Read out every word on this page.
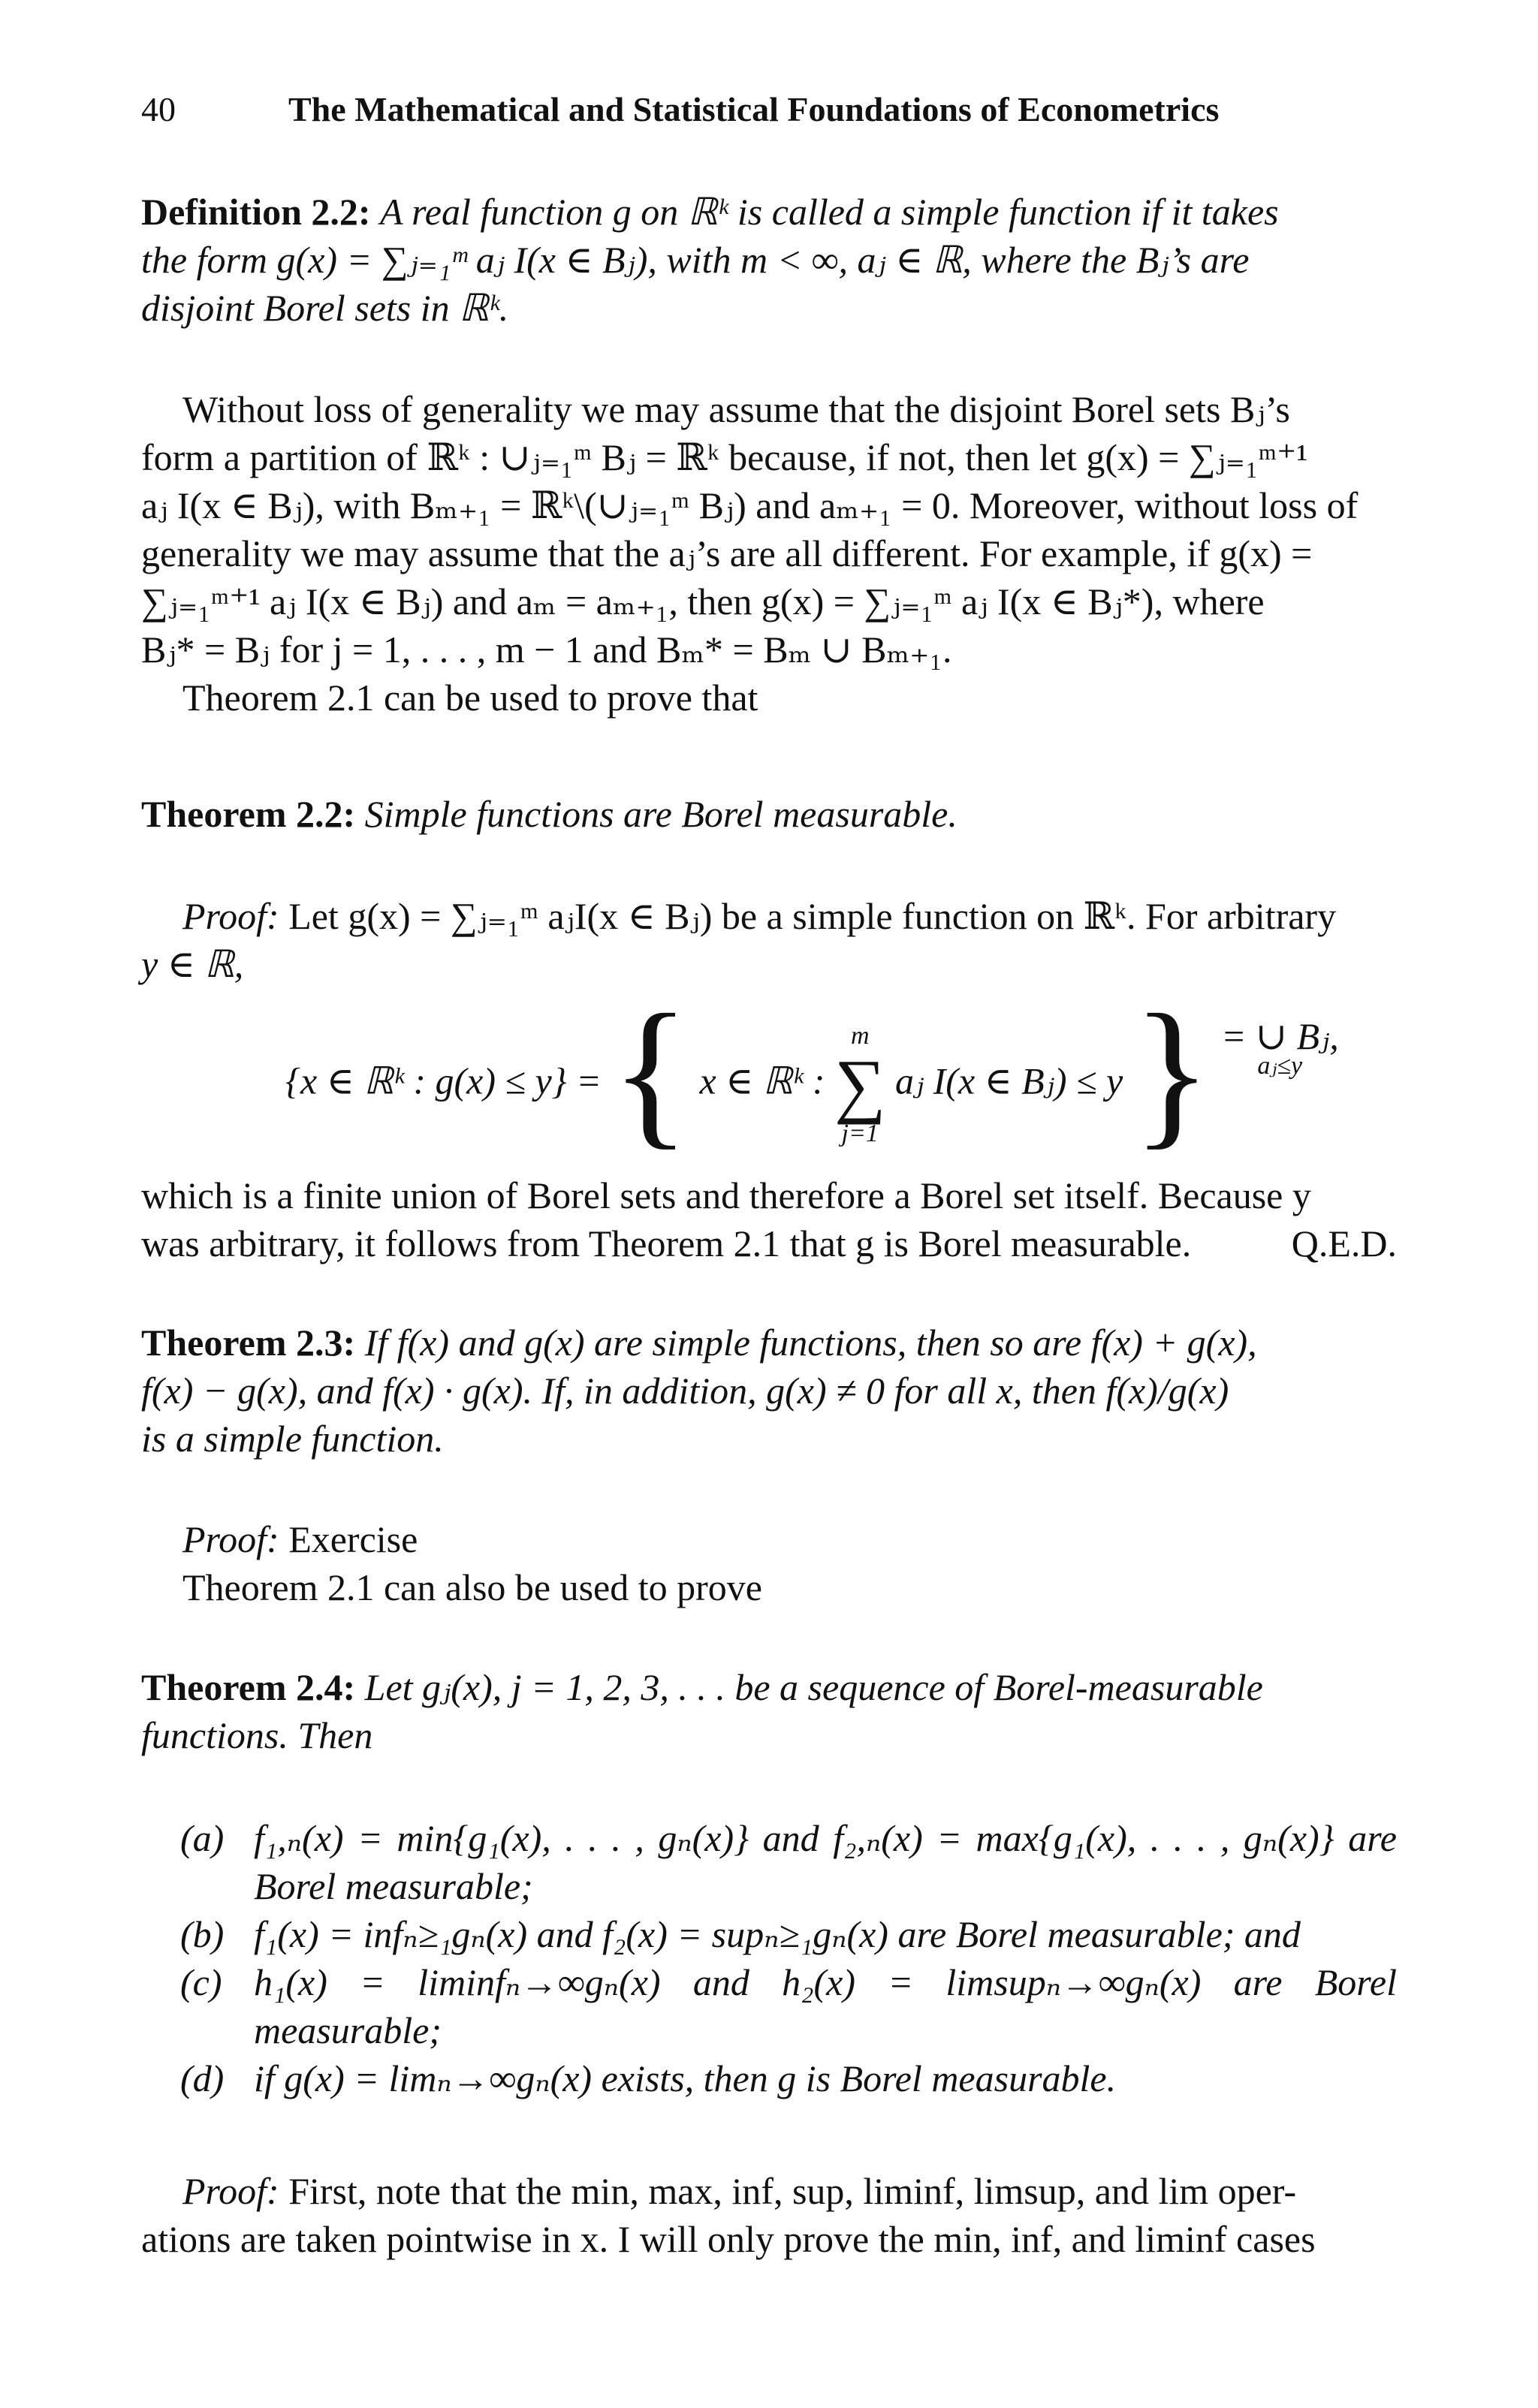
40	The Mathematical and Statistical Foundations of Econometrics

Definition 2.2: A real function g on ℝᵏ is called a simple function if it takes

the form g(x) = ∑ⱼ₌₁ᵐ aⱼ I(x ∈ Bⱼ), with m < ∞, aⱼ ∈ ℝ, where the Bⱼ’s are

disjoint Borel sets in ℝᵏ.

Without loss of generality we may assume that the disjoint Borel sets Bⱼ’s

form a partition of ℝᵏ : ∪ⱼ₌₁ᵐ Bⱼ = ℝᵏ because, if not, then let g(x) = ∑ⱼ₌₁ᵐ⁺¹

aⱼ I(x ∈ Bⱼ), with Bₘ₊₁ = ℝᵏ\(∪ⱼ₌₁ᵐ Bⱼ) and aₘ₊₁ = 0. Moreover, without loss of

generality we may assume that the aⱼ’s are all different. For example, if g(x) =

∑ⱼ₌₁ᵐ⁺¹ aⱼ I(x ∈ Bⱼ) and aₘ = aₘ₊₁, then g(x) = ∑ⱼ₌₁ᵐ aⱼ I(x ∈ Bⱼ*), where

Bⱼ* = Bⱼ for j = 1, . . . , m − 1 and Bₘ* = Bₘ ∪ Bₘ₊₁.

Theorem 2.1 can be used to prove that

Theorem 2.2: Simple functions are Borel measurable.

Proof: Let g(x) = ∑ⱼ₌₁ᵐ aⱼI(x ∈ Bⱼ) be a simple function on ℝᵏ. For arbitrary

y ∈ ℝ,

{x ∈ ℝᵏ : g(x) ≤ y} = { x ∈ ℝᵏ :
m
∑
j=1
aⱼ I(x ∈ Bⱼ) ≤ y } = ∪ Bⱼ,
aⱼ≤y

which is a finite union of Borel sets and therefore a Borel set itself. Because y

was arbitrary, it follows from Theorem 2.1 that g is Borel measurable.	Q.E.D.

Theorem 2.3: If f(x) and g(x) are simple functions, then so are f(x) + g(x),

f(x) − g(x), and f(x) · g(x). If, in addition, g(x) ≠ 0 for all x, then f(x)/g(x)

is a simple function.

Proof: Exercise

Theorem 2.1 can also be used to prove

Theorem 2.4: Let gⱼ(x), j = 1, 2, 3, . . . be a sequence of Borel-measurable

functions. Then

(a) f₁,ₙ(x) = min{g₁(x), . . . , gₙ(x)} and f₂,ₙ(x) = max{g₁(x), . . . , gₙ(x)} are Borel measurable;
(b) f₁(x) = infₙ≥₁gₙ(x) and f₂(x) = supₙ≥₁gₙ(x) are Borel measurable; and
(c) h₁(x) = liminfₙ→∞gₙ(x) and h₂(x) = limsupₙ→∞gₙ(x) are Borel measurable;
(d) if g(x) = limₙ→∞gₙ(x) exists, then g is Borel measurable.

Proof: First, note that the min, max, inf, sup, liminf, limsup, and lim oper-

ations are taken pointwise in x. I will only prove the min, inf, and liminf cases
